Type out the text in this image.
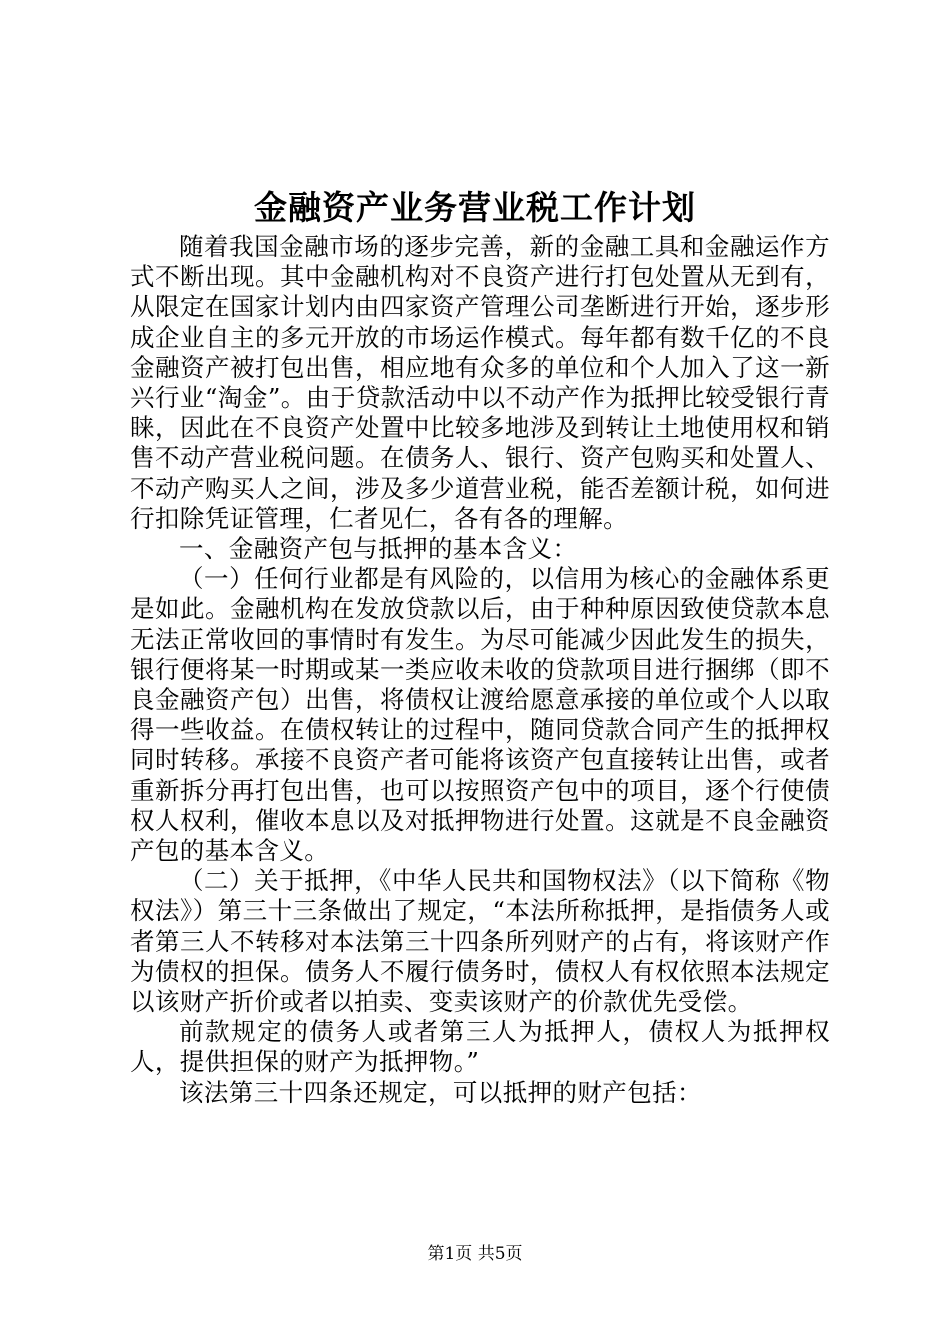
金融资产业务营业税工作计划

随着我国金融市场的逐步完善，新的金融工具和金融运作方式不断出现。其中金融机构对不良资产进行打包处置从无到有，从限定在国家计划内由四家资产管理公司垄断进行开始，逐步形成企业自主的多元开放的市场运作模式。每年都有数千亿的不良金融资产被打包出售，相应地有众多的单位和个人加入了这一新兴行业“淘金”。由于贷款活动中以不动产作为抵押比较受银行青睐，因此在不良资产处置中比较多地涉及到转让土地使用权和销售不动产营业税问题。在债务人、银行、资产包购买和处置人、不动产购买人之间，涉及多少道营业税，能否差额计税，如何进行扣除凭证管理，仁者见仁，各有各的理解。

一、金融资产包与抵押的基本含义：

（一）任何行业都是有风险的，以信用为核心的金融体系更是如此。金融机构在发放贷款以后，由于种种原因致使贷款本息无法正常收回的事情时有发生。为尽可能减少因此发生的损失，银行便将某一时期或某一类应收未收的贷款项目进行捆绑（即不良金融资产包）出售，将债权让渡给愿意承接的单位或个人以取得一些收益。在债权转让的过程中，随同贷款合同产生的抵押权同时转移。承接不良资产者可能将该资产包直接转让出售，或者重新拆分再打包出售，也可以按照资产包中的项目，逐个行使债权人权利，催收本息以及对抵押物进行处置。这就是不良金融资产包的基本含义。

（二）关于抵押，《中华人民共和国物权法》（以下简称《物权法》）第三十三条做出了规定，“本法所称抵押，是指债务人或者第三人不转移对本法第三十四条所列财产的占有，将该财产作为债权的担保。债务人不履行债务时，债权人有权依照本法规定以该财产折价或者以拍卖、变卖该财产的价款优先受偿。

前款规定的债务人或者第三人为抵押人，债权人为抵押权人，提供担保的财产为抵押物。”

该法第三十四条还规定，可以抵押的财产包括：

第1页 共5页
